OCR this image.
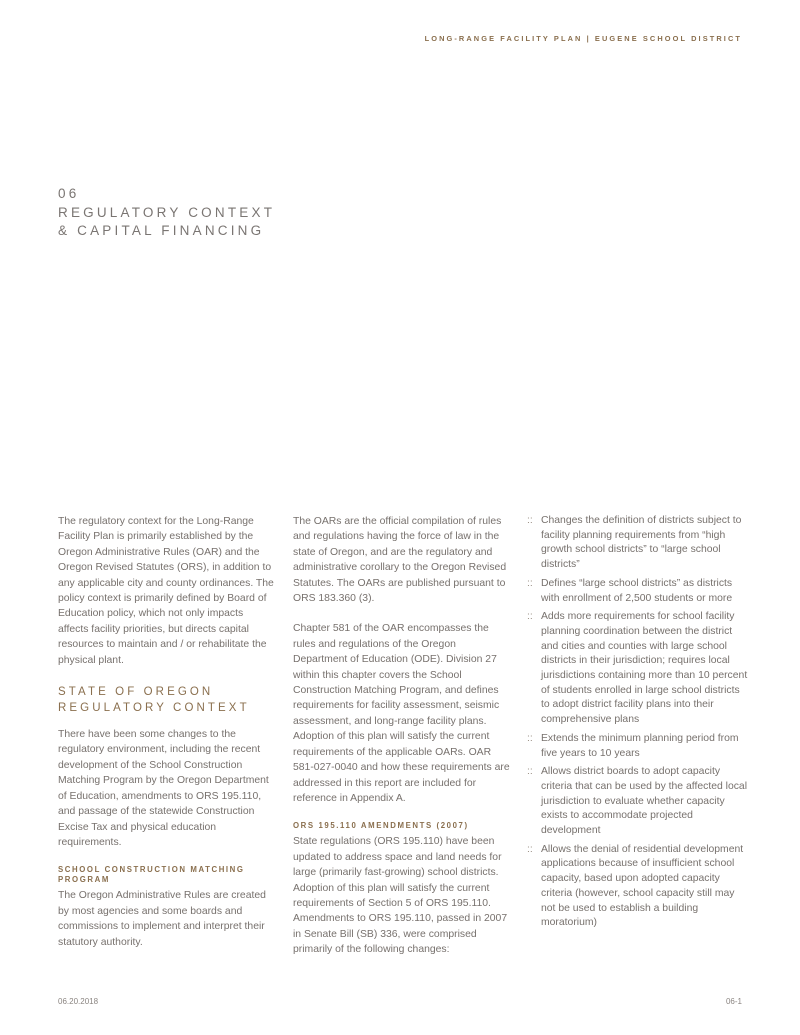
LONG-RANGE FACILITY PLAN | EUGENE SCHOOL DISTRICT
06
REGULATORY CONTEXT
& CAPITAL FINANCING

The regulatory context for the Long-Range Facility Plan is primarily established by the Oregon Administrative Rules (OAR) and the Oregon Revised Statutes (ORS), in addition to any applicable city and county ordinances. The policy context is primarily defined by Board of Education policy, which not only impacts affects facility priorities, but directs capital resources to maintain and / or rehabilitate the physical plant.

STATE OF OREGON
REGULATORY CONTEXT

There have been some changes to the regulatory environment, including the recent development of the School Construction Matching Program by the Oregon Department of Education, amendments to ORS 195.110, and passage of the statewide Construction Excise Tax and physical education requirements.

SCHOOL CONSTRUCTION MATCHING PROGRAM

The Oregon Administrative Rules are created by most agencies and some boards and commissions to implement and interpret their statutory authority.

The OARs are the official compilation of rules and regulations having the force of law in the state of Oregon, and are the regulatory and administrative corollary to the Oregon Revised Statutes. The OARs are published pursuant to ORS 183.360 (3).

Chapter 581 of the OAR encompasses the rules and regulations of the Oregon Department of Education (ODE). Division 27 within this chapter covers the School Construction Matching Program, and defines requirements for facility assessment, seismic assessment, and long-range facility plans. Adoption of this plan will satisfy the current requirements of the applicable OARs. OAR 581-027-0040 and how these requirements are addressed in this report are included for reference in Appendix A.

ORS 195.110 AMENDMENTS (2007)

State regulations (ORS 195.110) have been updated to address space and land needs for large (primarily fast-growing) school districts. Adoption of this plan will satisfy the current requirements of Section 5 of ORS 195.110. Amendments to ORS 195.110, passed in 2007 in Senate Bill (SB) 336, were comprised primarily of the following changes:

:: Changes the definition of districts subject to facility planning requirements from “high growth school districts” to “large school districts”
:: Defines “large school districts” as districts with enrollment of 2,500 students or more
:: Adds more requirements for school facility planning coordination between the district and cities and counties with large school districts in their jurisdiction; requires local jurisdictions containing more than 10 percent of students enrolled in large school districts to adopt district facility plans into their comprehensive plans
:: Extends the minimum planning period from five years to 10 years
:: Allows district boards to adopt capacity criteria that can be used by the affected local jurisdiction to evaluate whether capacity exists to accommodate projected development
:: Allows the denial of residential development applications because of insufficient school capacity, based upon adopted capacity criteria (however, school capacity still may not be used to establish a building moratorium)
06.20.2018	06-1
